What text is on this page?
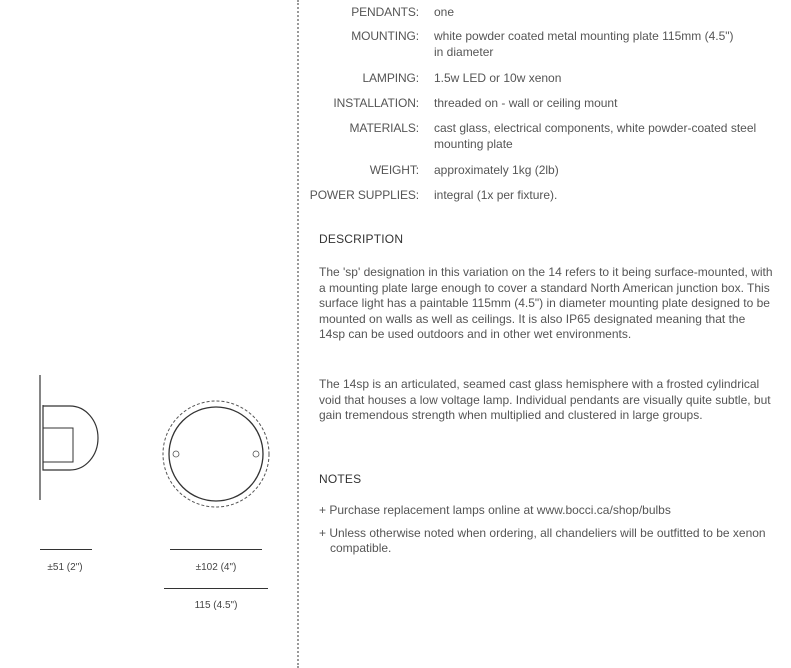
±51 (2")	±102 (4")
115 (4.5")
PENDANTS:	one
MOUNTING:	white powder coated metal mounting plate 115mm (4.5") in diameter
LAMPING:	1.5w LED or 10w xenon
INSTALLATION:	threaded on - wall or ceiling mount
MATERIALS:	cast glass, electrical components, white powder-coated steel mounting plate
WEIGHT:	approximately 1kg (2lb)
POWER SUPPLIES:	integral (1x per fixture).
DESCRIPTION

The 'sp' designation in this variation on the 14 refers to it being surface-mounted, with a mounting plate large enough to cover a standard North American junction box. This surface light has a paintable 115mm (4.5") in diameter mounting plate designed to be mounted on walls as well as ceilings. It is also IP65 designated meaning that the 14sp can be used outdoors and in other wet environments.

The 14sp is an articulated, seamed cast glass hemisphere with a frosted cylindrical void that houses a low voltage lamp. Individual pendants are visually quite subtle, but gain tremendous strength when multiplied and clustered in large groups.

NOTES
+ Purchase replacement lamps online at www.bocci.ca/shop/bulbs
+ Unless otherwise noted when ordering, all chandeliers will be outfitted to be xenon compatible.
